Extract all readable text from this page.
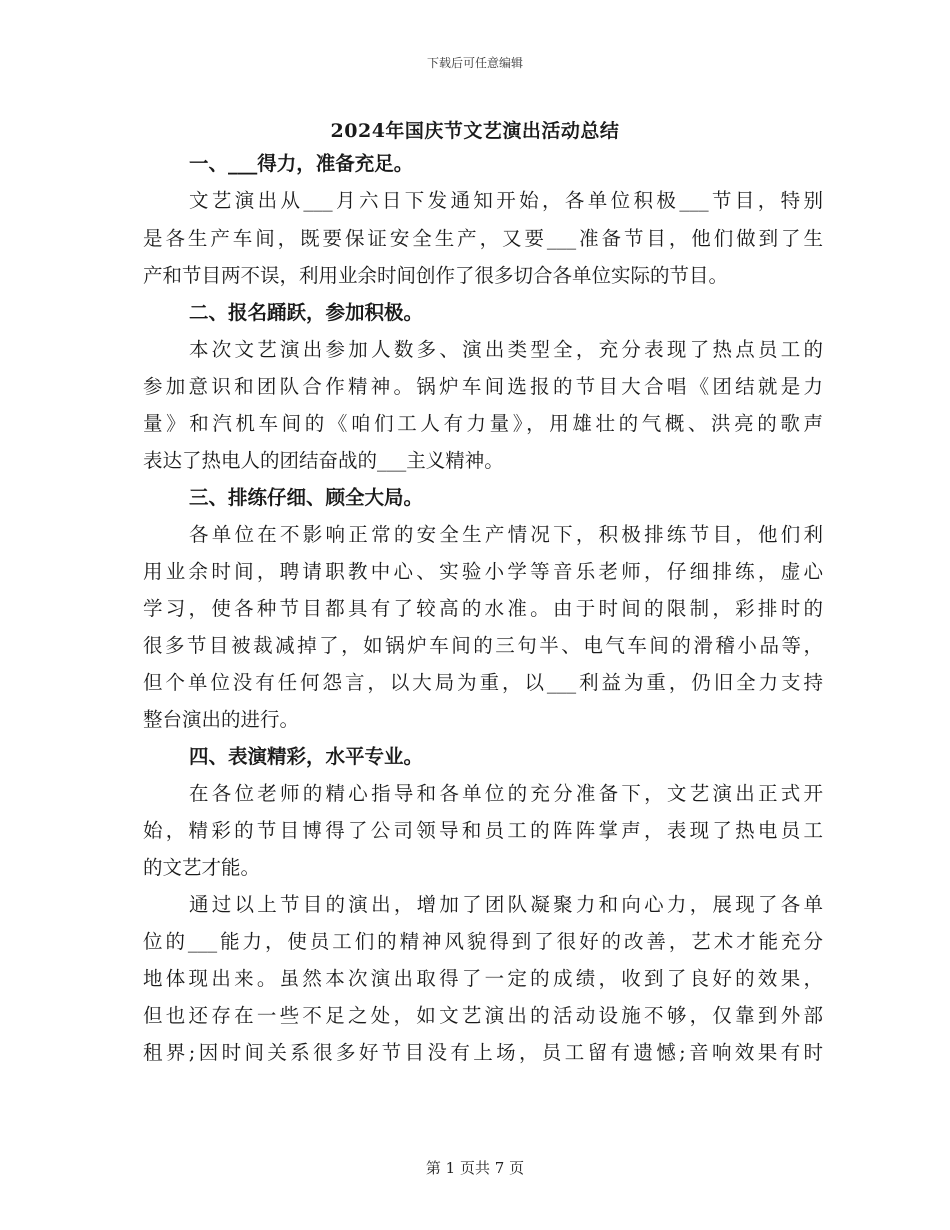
下载后可任意编辑
2024年国庆节文艺演出活动总结
一、___得力，准备充足。
文艺演出从___月六日下发通知开始，各单位积极___节目，特别
是各生产车间，既要保证安全生产，又要___准备节目，他们做到了生
产和节目两不误，利用业余时间创作了很多切合各单位实际的节目。
二、报名踊跃，参加积极。
本次文艺演出参加人数多、演出类型全，充分表现了热点员工的
参加意识和团队合作精神。锅炉车间选报的节目大合唱《团结就是力
量》和汽机车间的《咱们工人有力量》，用雄壮的气概、洪亮的歌声
表达了热电人的团结奋战的___主义精神。
三、排练仔细、顾全大局。
各单位在不影响正常的安全生产情况下，积极排练节目，他们利
用业余时间，聘请职教中心、实验小学等音乐老师，仔细排练，虚心
学习，使各种节目都具有了较高的水准。由于时间的限制，彩排时的
很多节目被裁减掉了，如锅炉车间的三句半、电气车间的滑稽小品等，
但个单位没有任何怨言，以大局为重，以___利益为重，仍旧全力支持
整台演出的进行。
四、表演精彩，水平专业。
在各位老师的精心指导和各单位的充分准备下，文艺演出正式开
始，精彩的节目博得了公司领导和员工的阵阵掌声，表现了热电员工
的文艺才能。
通过以上节目的演出，增加了团队凝聚力和向心力，展现了各单
位的___能力，使员工们的精神风貌得到了很好的改善，艺术才能充分
地体现出来。虽然本次演出取得了一定的成绩，收到了良好的效果，
但也还存在一些不足之处，如文艺演出的活动设施不够，仅靠到外部
租界;因时间关系很多好节目没有上场，员工留有遗憾;音响效果有时
第 1 页共 7 页
